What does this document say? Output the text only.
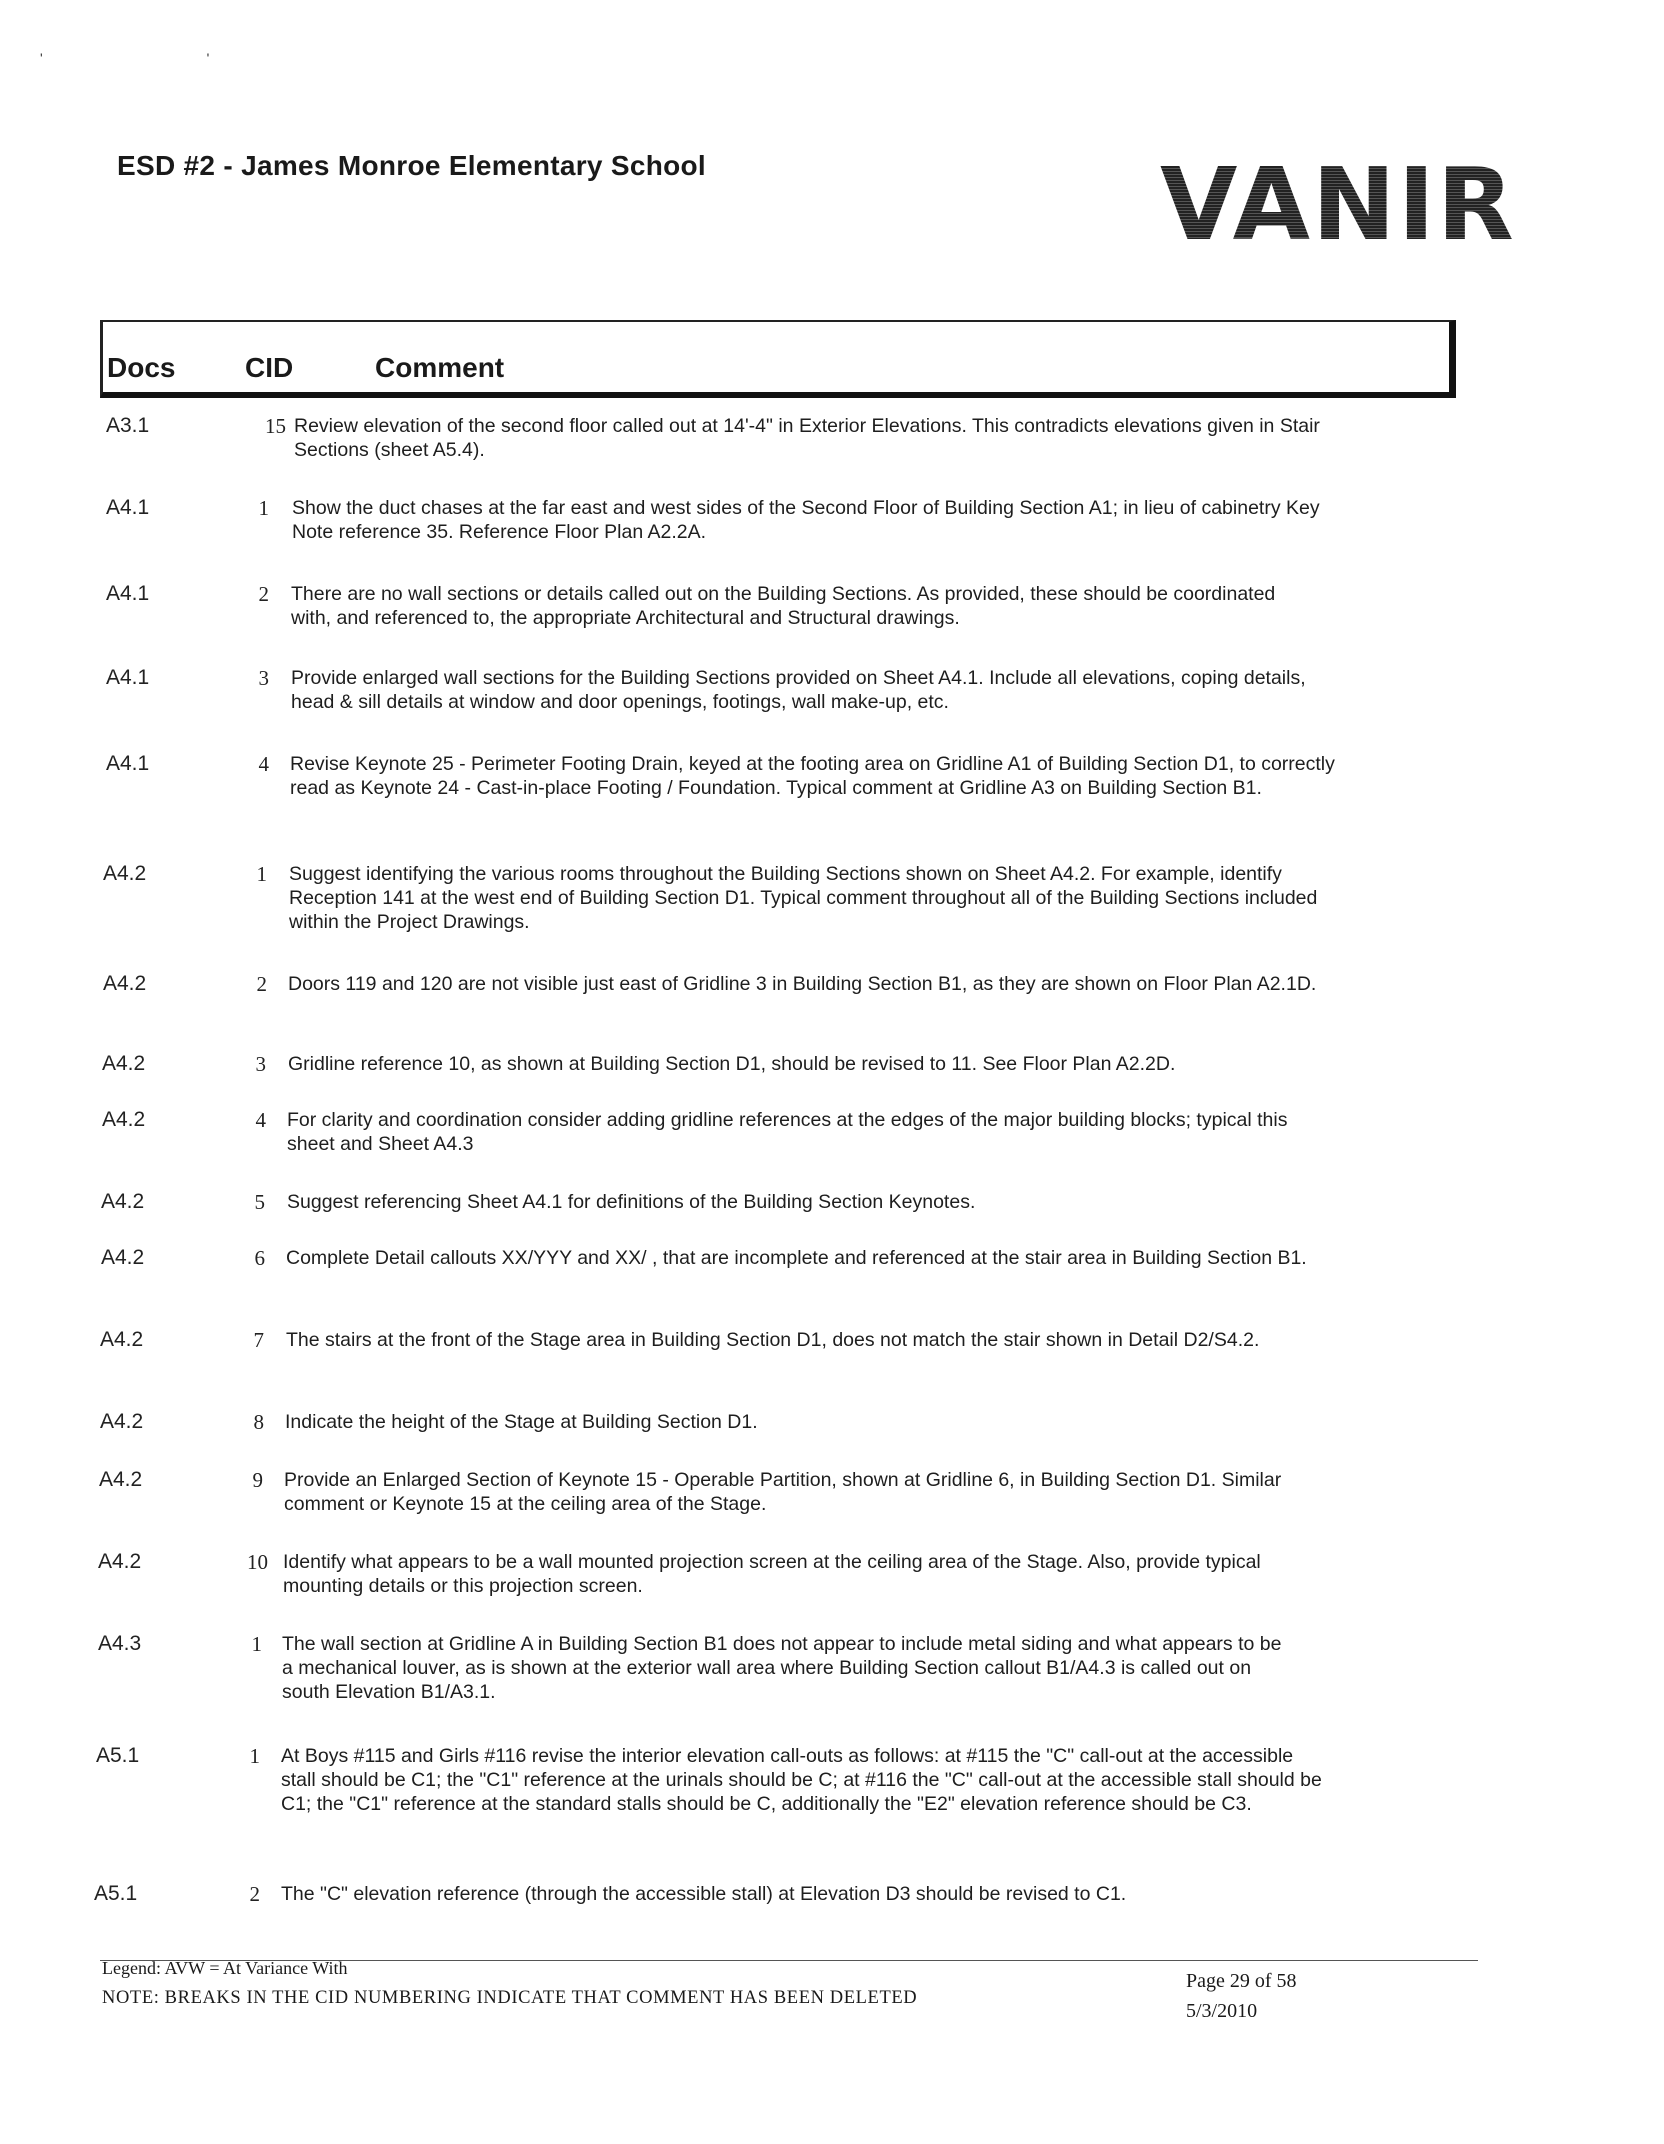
' '
ESD #2 - James Monroe Elementary School	VANIR
Docs CID	Comment
A3.1	15 Review elevation of the second floor called out at 14'-4" in Exterior Elevations. This contradicts elevations given in Stair Sections (sheet A5.4).
A4.1	1 Show the duct chases at the far east and west sides of the Second Floor of Building Section A1; in lieu of cabinetry Key Note reference 35. Reference Floor Plan A2.2A.
A4.1	2 There are no wall sections or details called out on the Building Sections. As provided, these should be coordinated with, and referenced to, the appropriate Architectural and Structural drawings.
A4.1	3 Provide enlarged wall sections for the Building Sections provided on Sheet A4.1. Include all elevations, coping details, head & sill details at window and door openings, footings, wall make-up, etc.
A4.1	4 Revise Keynote 25 - Perimeter Footing Drain, keyed at the footing area on Gridline A1 of Building Section D1, to correctly read as Keynote 24 - Cast-in-place Footing / Foundation. Typical comment at Gridline A3 on Building Section B1.
A4.2	1 Suggest identifying the various rooms throughout the Building Sections shown on Sheet A4.2. For example, identify Reception 141 at the west end of Building Section D1. Typical comment throughout all of the Building Sections included within the Project Drawings.
A4.2	2 Doors 119 and 120 are not visible just east of Gridline 3 in Building Section B1, as they are shown on Floor Plan A2.1D.
A4.2	3 Gridline reference 10, as shown at Building Section D1, should be revised to 11. See Floor Plan A2.2D.
A4.2	4 For clarity and coordination consider adding gridline references at the edges of the major building blocks; typical this sheet and Sheet A4.3
A4.2	5 Suggest referencing Sheet A4.1 for definitions of the Building Section Keynotes.
A4.2	6 Complete Detail callouts XX/YYY and XX/ , that are incomplete and referenced at the stair area in Building Section B1.
A4.2	7 The stairs at the front of the Stage area in Building Section D1, does not match the stair shown in Detail D2/S4.2.
A4.2	8 Indicate the height of the Stage at Building Section D1.
A4.2	9 Provide an Enlarged Section of Keynote 15 - Operable Partition, shown at Gridline 6, in Building Section D1. Similar comment or Keynote 15 at the ceiling area of the Stage.
A4.2	10 Identify what appears to be a wall mounted projection screen at the ceiling area of the Stage. Also, provide typical mounting details or this projection screen.
A4.3	1 The wall section at Gridline A in Building Section B1 does not appear to include metal siding and what appears to be a mechanical louver, as is shown at the exterior wall area where Building Section callout B1/A4.3 is called out on south Elevation B1/A3.1.
A5.1	1 At Boys #115 and Girls #116 revise the interior elevation call-outs as follows: at #115 the "C" call-out at the accessible stall should be C1; the "C1" reference at the urinals should be C; at #116 the "C" call-out at the accessible stall should be C1; the "C1" reference at the standard stalls should be C, additionally the "E2" elevation reference should be C3.
A5.1	2 The "C" elevation reference (through the accessible stall) at Elevation D3 should be revised to C1.
Legend: AVW = At Variance With
NOTE: BREAKS IN THE CID NUMBERING INDICATE THAT COMMENT HAS BEEN DELETED
Page 29 of 58
5/3/2010
